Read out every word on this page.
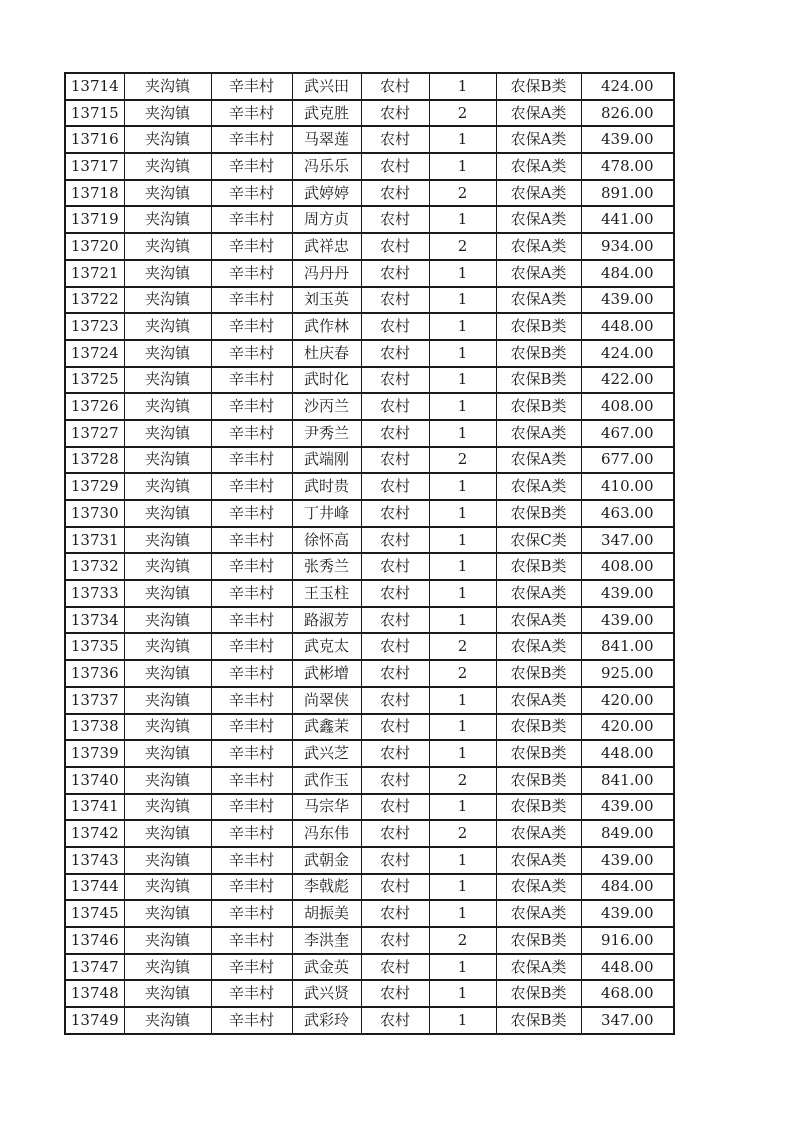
13714	夹沟镇	辛丰村	武兴田	农村	1	农保B类	424.00
13715	夹沟镇	辛丰村	武克胜	农村	2	农保A类	826.00
13716	夹沟镇	辛丰村	马翠莲	农村	1	农保A类	439.00
13717	夹沟镇	辛丰村	冯乐乐	农村	1	农保A类	478.00
13718	夹沟镇	辛丰村	武婷婷	农村	2	农保A类	891.00
13719	夹沟镇	辛丰村	周方贞	农村	1	农保A类	441.00
13720	夹沟镇	辛丰村	武祥忠	农村	2	农保A类	934.00
13721	夹沟镇	辛丰村	冯丹丹	农村	1	农保A类	484.00
13722	夹沟镇	辛丰村	刘玉英	农村	1	农保A类	439.00
13723	夹沟镇	辛丰村	武作林	农村	1	农保B类	448.00
13724	夹沟镇	辛丰村	杜庆春	农村	1	农保B类	424.00
13725	夹沟镇	辛丰村	武时化	农村	1	农保B类	422.00
13726	夹沟镇	辛丰村	沙丙兰	农村	1	农保B类	408.00
13727	夹沟镇	辛丰村	尹秀兰	农村	1	农保A类	467.00
13728	夹沟镇	辛丰村	武端刚	农村	2	农保A类	677.00
13729	夹沟镇	辛丰村	武时贵	农村	1	农保A类	410.00
13730	夹沟镇	辛丰村	丁井峰	农村	1	农保B类	463.00
13731	夹沟镇	辛丰村	徐怀高	农村	1	农保C类	347.00
13732	夹沟镇	辛丰村	张秀兰	农村	1	农保B类	408.00
13733	夹沟镇	辛丰村	王玉柱	农村	1	农保A类	439.00
13734	夹沟镇	辛丰村	路淑芳	农村	1	农保A类	439.00
13735	夹沟镇	辛丰村	武克太	农村	2	农保A类	841.00
13736	夹沟镇	辛丰村	武彬增	农村	2	农保B类	925.00
13737	夹沟镇	辛丰村	尚翠侠	农村	1	农保A类	420.00
13738	夹沟镇	辛丰村	武鑫茉	农村	1	农保B类	420.00
13739	夹沟镇	辛丰村	武兴芝	农村	1	农保B类	448.00
13740	夹沟镇	辛丰村	武作玉	农村	2	农保B类	841.00
13741	夹沟镇	辛丰村	马宗华	农村	1	农保B类	439.00
13742	夹沟镇	辛丰村	冯东伟	农村	2	农保A类	849.00
13743	夹沟镇	辛丰村	武朝金	农村	1	农保A类	439.00
13744	夹沟镇	辛丰村	李戟彪	农村	1	农保A类	484.00
13745	夹沟镇	辛丰村	胡振美	农村	1	农保A类	439.00
13746	夹沟镇	辛丰村	李洪奎	农村	2	农保B类	916.00
13747	夹沟镇	辛丰村	武金英	农村	1	农保A类	448.00
13748	夹沟镇	辛丰村	武兴贤	农村	1	农保B类	468.00
13749	夹沟镇	辛丰村	武彩玲	农村	1	农保B类	347.00
